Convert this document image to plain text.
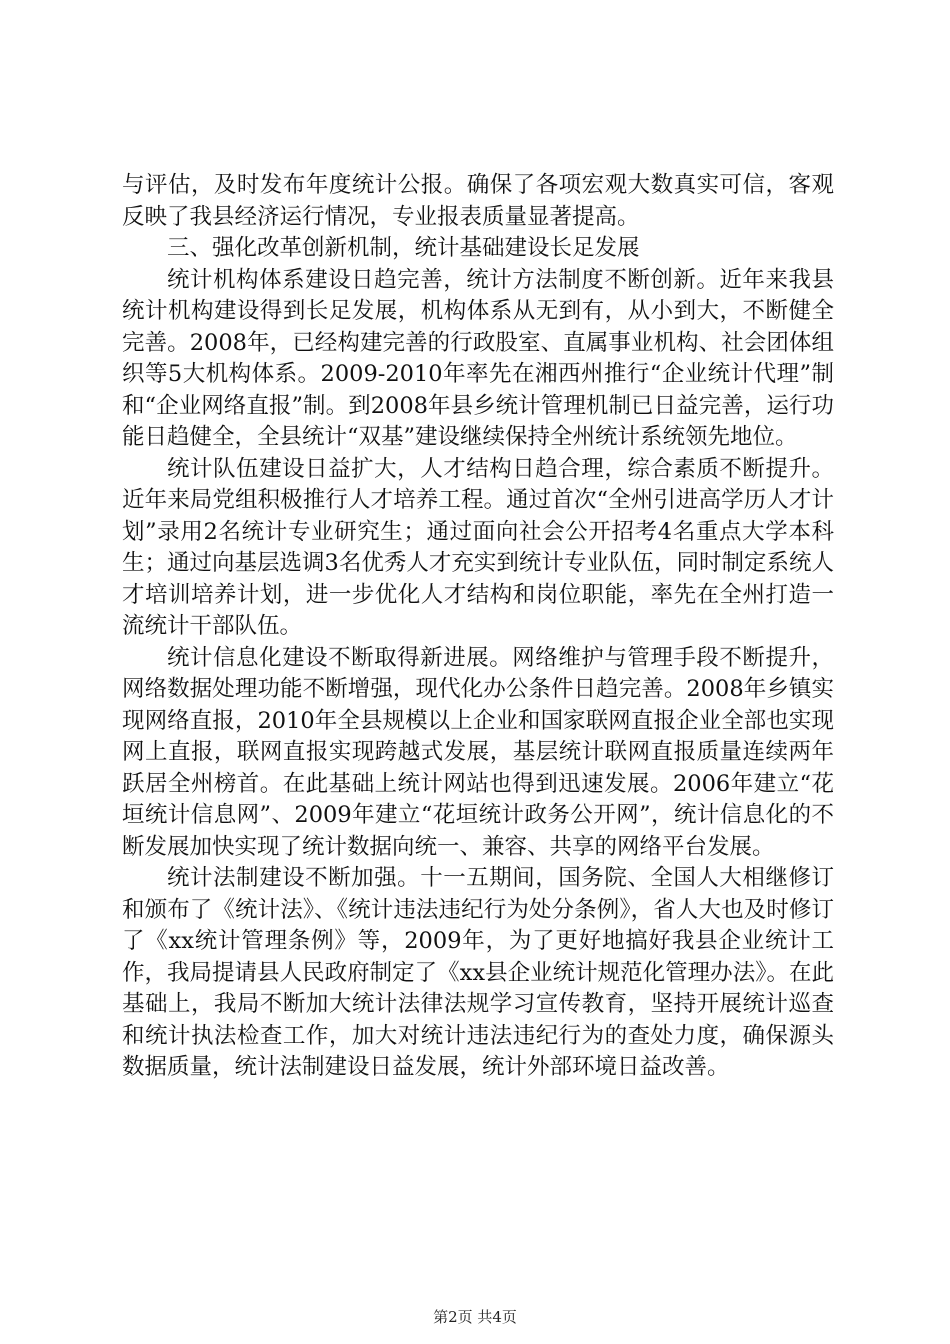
与评估，及时发布年度统计公报。确保了各项宏观大数真实可信，客观反映了我县经济运行情况，专业报表质量显著提高。

三、强化改革创新机制，统计基础建设长足发展

统计机构体系建设日趋完善，统计方法制度不断创新。近年来我县统计机构建设得到长足发展，机构体系从无到有，从小到大，不断健全完善。2008年，已经构建完善的行政股室、直属事业机构、社会团体组织等5大机构体系。2009-2010年率先在湘西州推行“企业统计代理”制和“企业网络直报”制。到2008年县乡统计管理机制已日益完善，运行功能日趋健全，全县统计“双基”建设继续保持全州统计系统领先地位。

统计队伍建设日益扩大，人才结构日趋合理，综合素质不断提升。近年来局党组积极推行人才培养工程。通过首次“全州引进高学历人才计划”录用2名统计专业研究生；通过面向社会公开招考4名重点大学本科生；通过向基层选调3名优秀人才充实到统计专业队伍，同时制定系统人才培训培养计划，进一步优化人才结构和岗位职能，率先在全州打造一流统计干部队伍。

统计信息化建设不断取得新进展。网络维护与管理手段不断提升，网络数据处理功能不断增强，现代化办公条件日趋完善。2008年乡镇实现网络直报，2010年全县规模以上企业和国家联网直报企业全部也实现网上直报，联网直报实现跨越式发展，基层统计联网直报质量连续两年跃居全州榜首。在此基础上统计网站也得到迅速发展。2006年建立“花垣统计信息网”、2009年建立“花垣统计政务公开网”，统计信息化的不断发展加快实现了统计数据向统一、兼容、共享的网络平台发展。

统计法制建设不断加强。十一五期间，国务院、全国人大相继修订和颁布了《统计法》、《统计违法违纪行为处分条例》，省人大也及时修订了《xx统计管理条例》等，2009年，为了更好地搞好我县企业统计工作，我局提请县人民政府制定了《xx县企业统计规范化管理办法》。在此基础上，我局不断加大统计法律法规学习宣传教育，坚持开展统计巡查和统计执法检查工作，加大对统计违法违纪行为的查处力度，确保源头数据质量，统计法制建设日益发展，统计外部环境日益改善。

第2页 共4页
